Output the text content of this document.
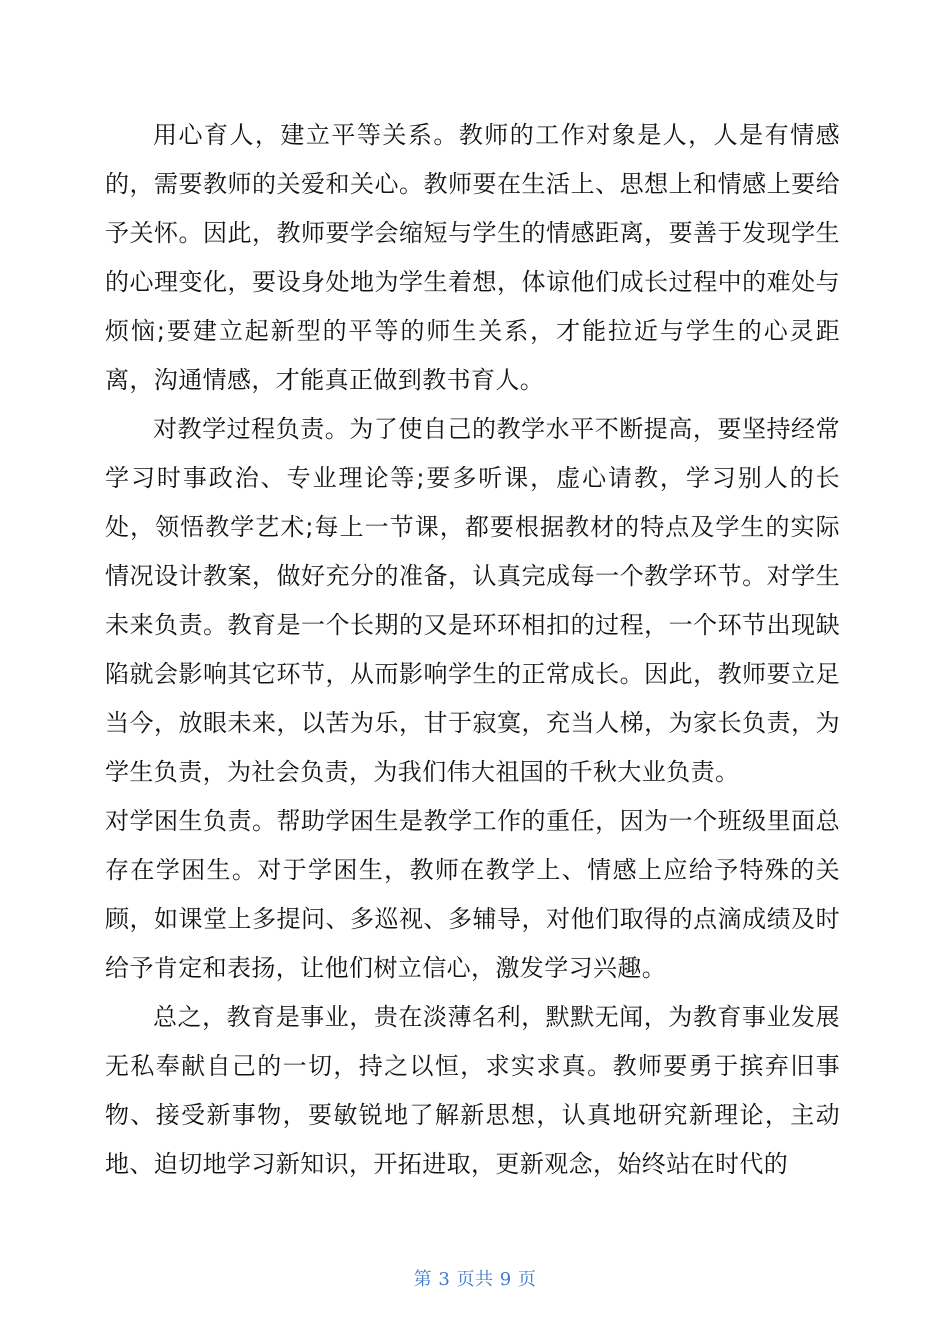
用心育人，建立平等关系。教师的工作对象是人，人是有情感的，需要教师的关爱和关心。教师要在生活上、思想上和情感上要给予关怀。因此，教师要学会缩短与学生的情感距离，要善于发现学生的心理变化，要设身处地为学生着想，体谅他们成长过程中的难处与烦恼;要建立起新型的平等的师生关系，才能拉近与学生的心灵距离，沟通情感，才能真正做到教书育人。

对教学过程负责。为了使自己的教学水平不断提高，要坚持经常学习时事政治、专业理论等;要多听课，虚心请教，学习别人的长处，领悟教学艺术;每上一节课，都要根据教材的特点及学生的实际情况设计教案，做好充分的准备，认真完成每一个教学环节。对学生未来负责。教育是一个长期的又是环环相扣的过程，一个环节出现缺陷就会影响其它环节，从而影响学生的正常成长。因此，教师要立足当今，放眼未来，以苦为乐，甘于寂寞，充当人梯，为家长负责，为学生负责，为社会负责，为我们伟大祖国的千秋大业负责。

对学困生负责。帮助学困生是教学工作的重任，因为一个班级里面总存在学困生。对于学困生，教师在教学上、情感上应给予特殊的关顾，如课堂上多提问、多巡视、多辅导，对他们取得的点滴成绩及时给予肯定和表扬，让他们树立信心，激发学习兴趣。

总之，教育是事业，贵在淡薄名利，默默无闻，为教育事业发展无私奉献自己的一切，持之以恒，求实求真。教师要勇于摈弃旧事物、接受新事物，要敏锐地了解新思想，认真地研究新理论，主动地、迫切地学习新知识，开拓进取，更新观念，始终站在时代的

第 3 页共 9 页
